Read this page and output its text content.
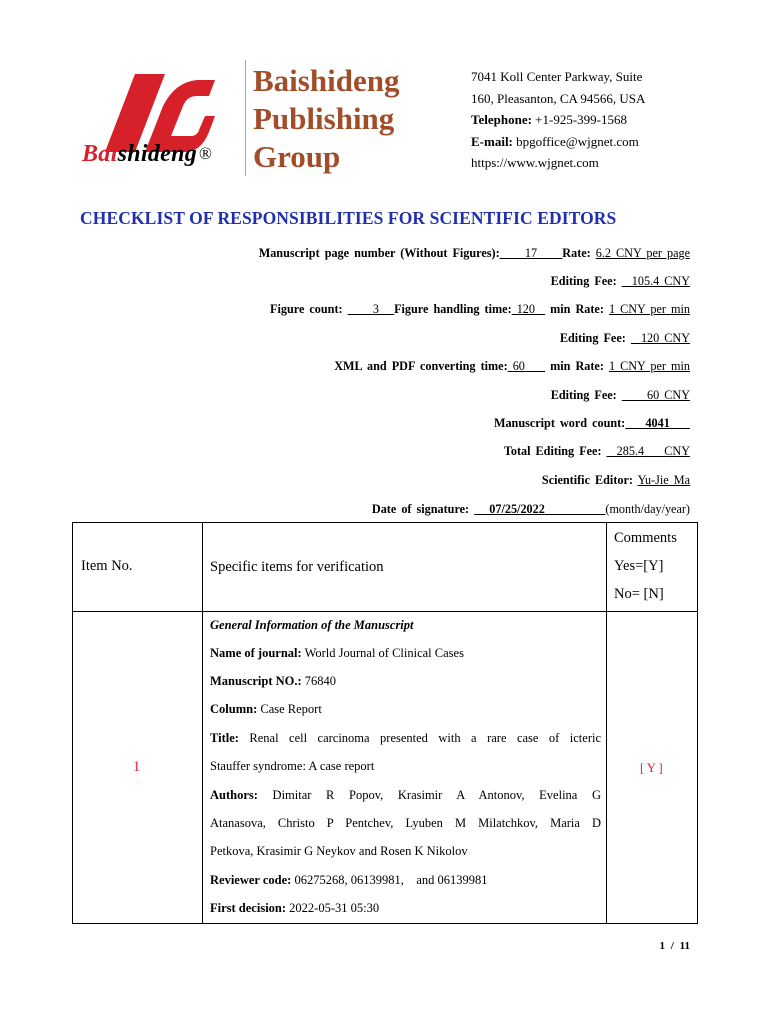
Baishideng ®
Baishideng
Publishing
Group
7041 Koll Center Parkway, Suite
160, Pleasanton, CA 94566, USA
Telephone: +1-925-399-1568
E-mail: bpgoffice@wjgnet.com
https://www.wjgnet.com
CHECKLIST OF RESPONSIBILITIES FOR SCIENTIFIC EDITORS
Manuscript page number (Without Figures): 17 Rate: 6.2 CNY per page
Editing Fee: 105.4 CNY
Figure count: 3 Figure handling time: 120 min Rate: 1 CNY per min
Editing Fee: 120 CNY
XML and PDF converting time: 60 min Rate: 1 CNY per min
Editing Fee: 60 CNY
Manuscript word count: 4041
Total Editing Fee: 285.4 CNY
Scientific Editor: Yu-Jie Ma
Date of signature: 07/25/2022	(month/day/year)
Item No.	Specific items for verification
Comments
Yes=[Y]
No= [N]
1
General Information of the Manuscript
Name of journal: World Journal of Clinical Cases
Manuscript NO.: 76840
Column: Case Report
Title: Renal cell carcinoma presented with a rare case of icteric
Stauffer syndrome: A case report
Authors: Dimitar R Popov, Krasimir A Antonov, Evelina G
Atanasova, Christo P Pentchev, Lyuben M Milatchkov, Maria D
Petkova, Krasimir G Neykov and Rosen K Nikolov
Reviewer code: 06275268, 06139981,    and 06139981
First decision: 2022-05-31 05:30
[ Y ]
1 / 11
